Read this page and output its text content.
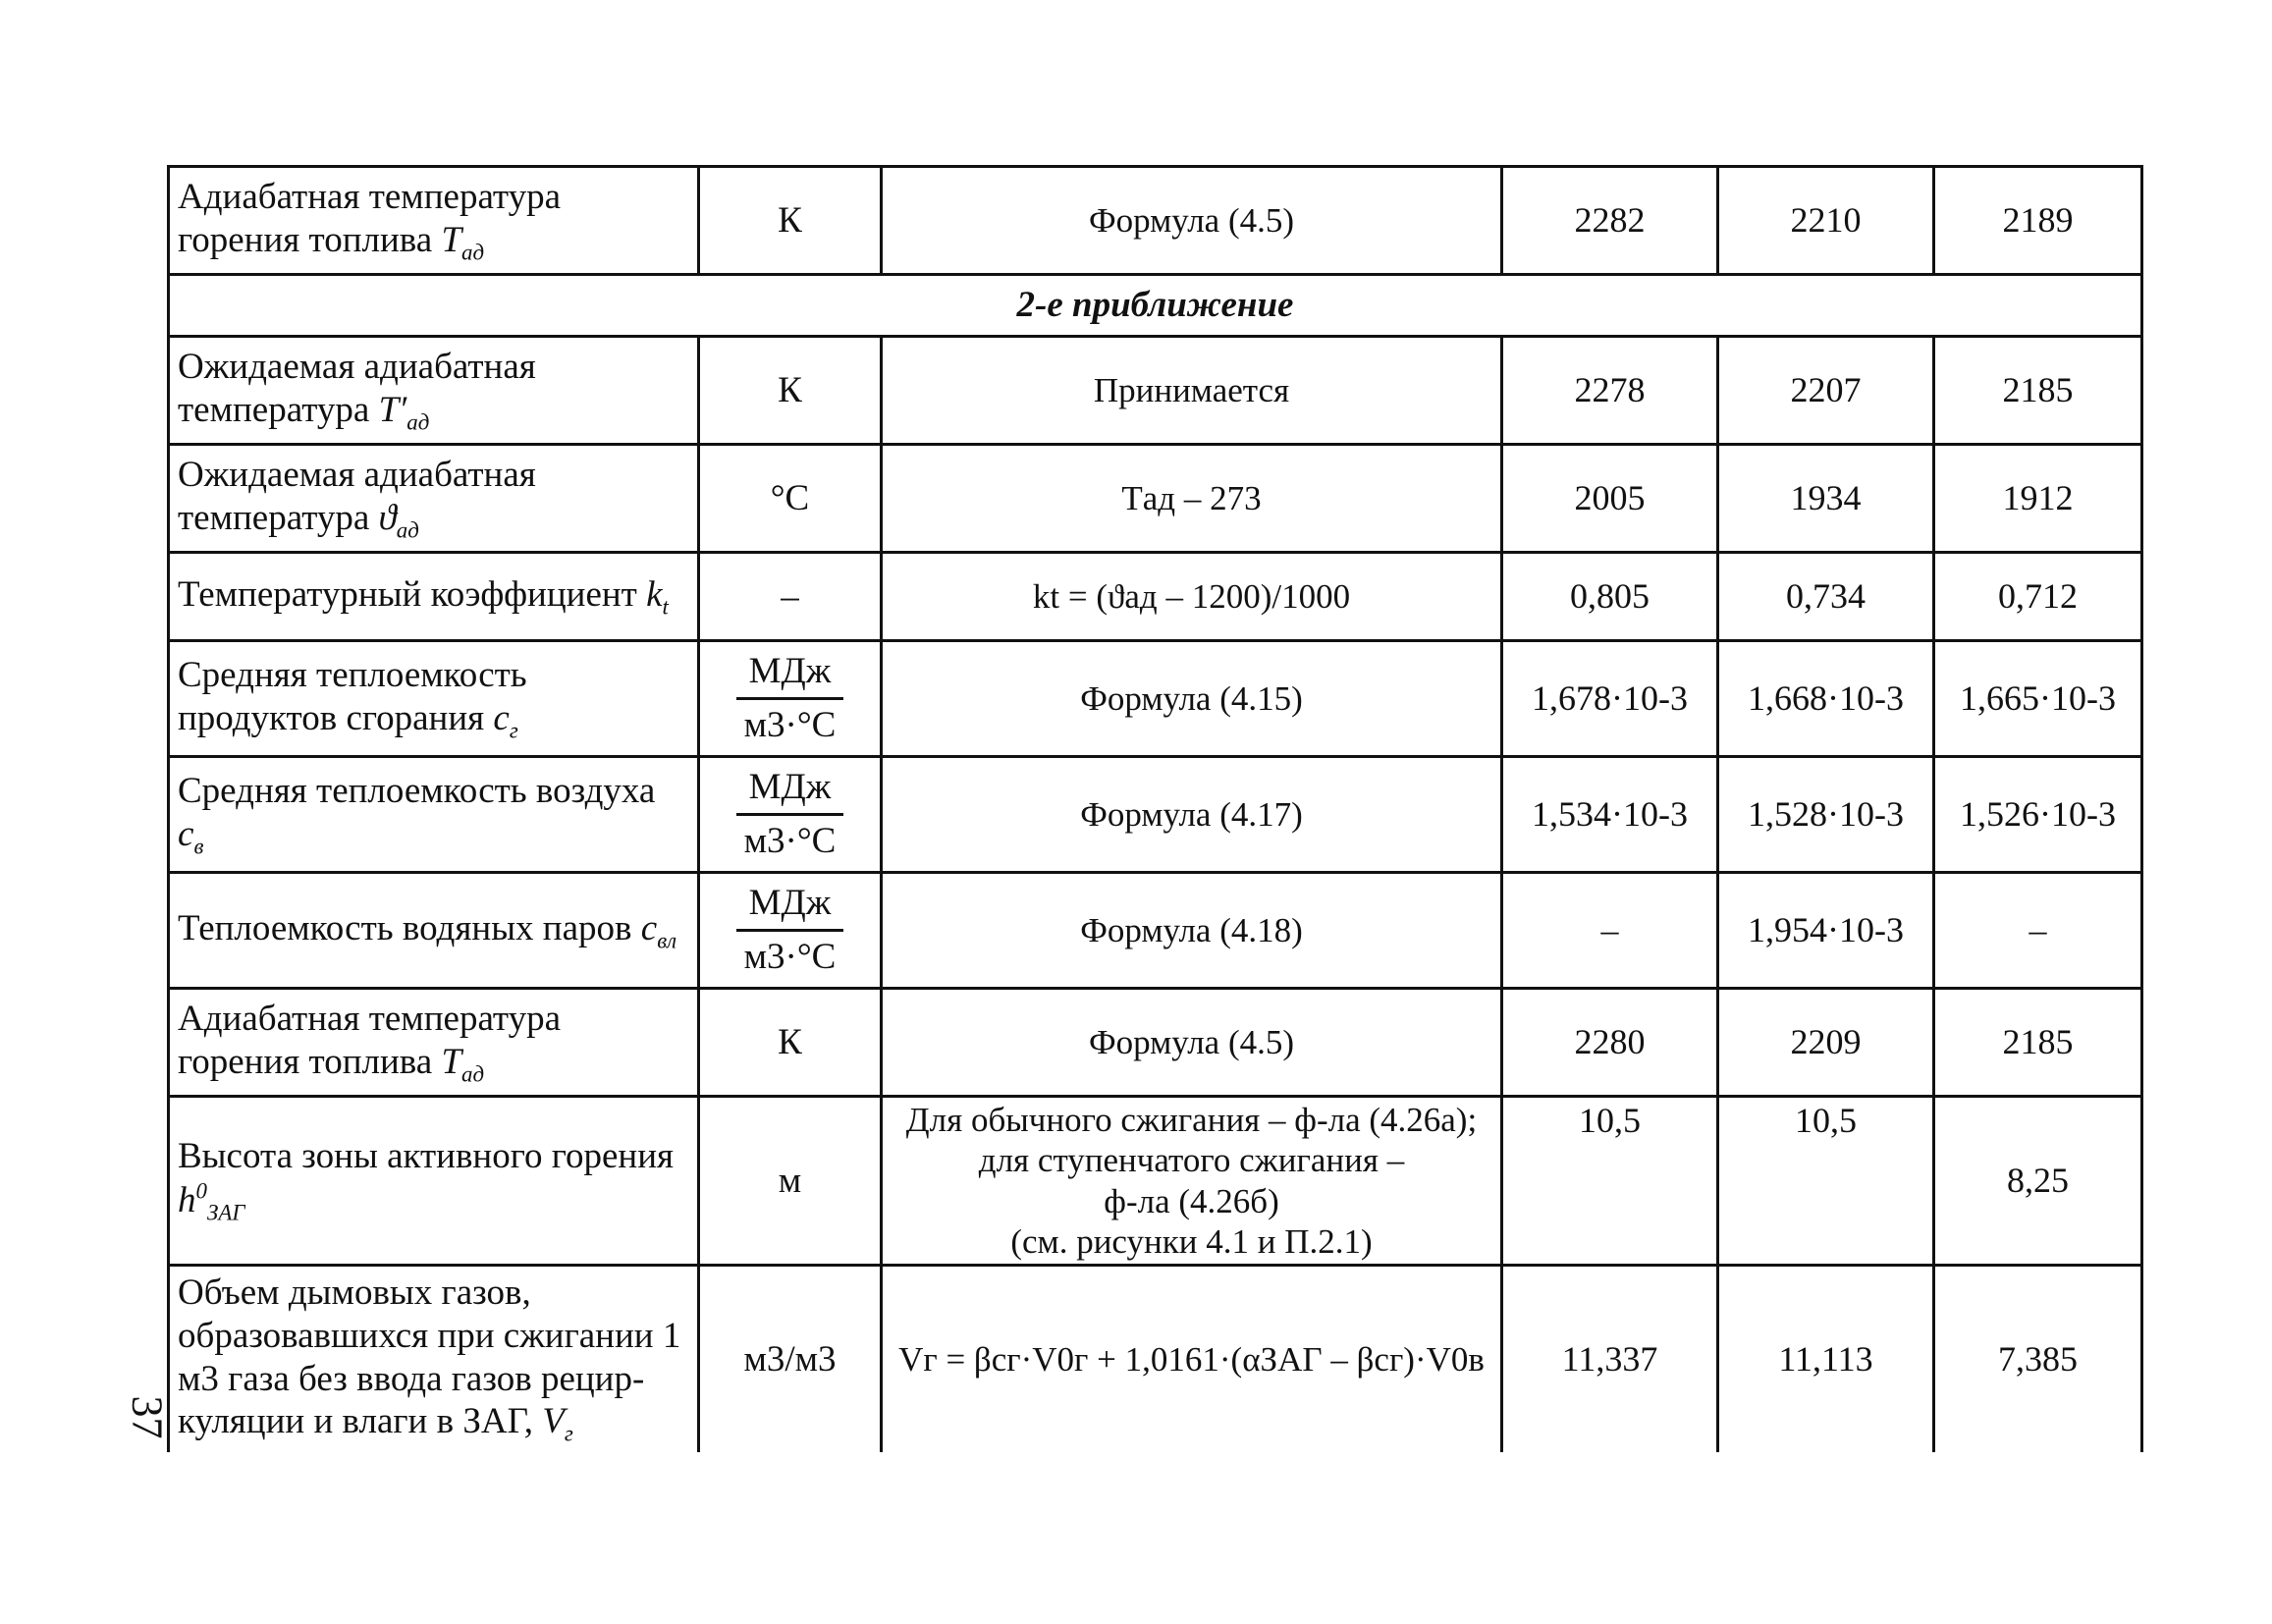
Адиабатная температура горения топлива $T_{ад}$	К	Формула (4.5)	2282	2210	2189
2-е приближение					
Ожидаемая адиабатная температура $T'_{ад}$	К	Принимается	2278	2207	2185
Ожидаемая адиабатная температура $ϑ_{ад}$	°С	Tад – 273	2005	1934	1912
Температурный коэффициент $k_t$	–	kt = (ϑад – 1200)/1000	0,805	0,734	0,712
Средняя теплоемкость продуктов сгорания $c_г$	$\frac{\text{МДж}}{м3\cdot^\circ С}$	Формула (4.15)	1,678·10-3	1,668·10-3	1,665·10-3
Средняя теплоемкость воздуха $c_в$	$\frac{\text{МДж}}{м3\cdot^\circ С}$	Формула (4.17)	1,534·10-3	1,528·10-3	1,526·10-3
Теплоемкость водяных паров $c_{вл}$	$\frac{\text{МДж}}{м3\cdot^\circ С}$	Формула (4.18)	–	1,954·10-3	–
Адиабатная температура горения топлива $T_{ад}$	К	Формула (4.5)	2280	2209	2185
Высота зоны активного горения $h^0_{ЗАГ}$	м	Для обычного сжигания – ф-ла (4.26а);
для ступенчатого сжигания –
ф-ла (4.26б)
(см. рисунки 4.1 и П.2.1)	10,5	10,5	8,25
Объем дымовых газов, образовавшихся при сжигании 1 м3 газа без ввода газов рецир-куляции и влаги в ЗАГ, $V_г$	м3/м3	Vг = βсг·V0г + 1,0161·(αЗАГ – βсг)·V0в	11,337	11,113	7,385
37
